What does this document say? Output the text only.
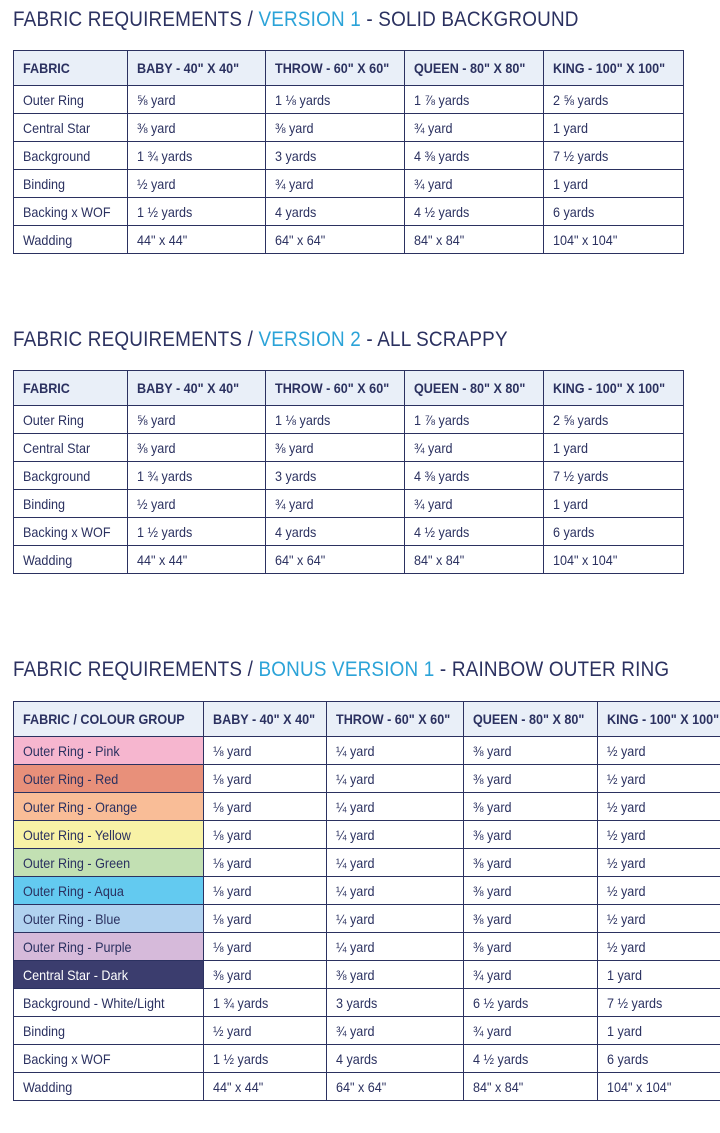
FABRIC REQUIREMENTS / VERSION 1 - SOLID BACKGROUND
FABRIC	BABY - 40" X 40"	THROW - 60" X 60"	QUEEN - 80" X 80"	KING - 100" X 100"
Outer Ring	⅝ yard	1 ⅛ yards	1 ⅞ yards	2 ⅝ yards
Central Star	⅜ yard	⅜ yard	¾ yard	1 yard
Background	1 ¾ yards	3 yards	4 ⅜ yards	7 ½ yards
Binding	½ yard	¾ yard	¾ yard	1 yard
Backing x WOF	1 ½ yards	4 yards	4 ½ yards	6 yards
Wadding	44" x 44"	64" x 64"	84" x 84"	104" x 104"
FABRIC REQUIREMENTS / VERSION 2 - ALL SCRAPPY
FABRIC	BABY - 40" X 40"	THROW - 60" X 60"	QUEEN - 80" X 80"	KING - 100" X 100"
Outer Ring	⅝ yard	1 ⅛ yards	1 ⅞ yards	2 ⅝ yards
Central Star	⅜ yard	⅜ yard	¾ yard	1 yard
Background	1 ¾ yards	3 yards	4 ⅜ yards	7 ½ yards
Binding	½ yard	¾ yard	¾ yard	1 yard
Backing x WOF	1 ½ yards	4 yards	4 ½ yards	6 yards
Wadding	44" x 44"	64" x 64"	84" x 84"	104" x 104"
FABRIC REQUIREMENTS / BONUS VERSION 1 - RAINBOW OUTER RING
FABRIC / COLOUR GROUP	BABY - 40" X 40"	THROW - 60" X 60"	QUEEN - 80" X 80"	KING - 100" X 100"
Outer Ring - Pink	⅛ yard	¼ yard	⅜ yard	½ yard
Outer Ring - Red	⅛ yard	¼ yard	⅜ yard	½ yard
Outer Ring - Orange	⅛ yard	¼ yard	⅜ yard	½ yard
Outer Ring - Yellow	⅛ yard	¼ yard	⅜ yard	½ yard
Outer Ring - Green	⅛ yard	¼ yard	⅜ yard	½ yard
Outer Ring - Aqua	⅛ yard	¼ yard	⅜ yard	½ yard
Outer Ring - Blue	⅛ yard	¼ yard	⅜ yard	½ yard
Outer Ring - Purple	⅛ yard	¼ yard	⅜ yard	½ yard
Central Star - Dark	⅜ yard	⅜ yard	¾ yard	1 yard
Background - White/Light	1 ¾ yards	3 yards	6 ½ yards	7 ½ yards
Binding	½ yard	¾ yard	¾ yard	1 yard
Backing x WOF	1 ½ yards	4 yards	4 ½ yards	6 yards
Wadding	44" x 44"	64" x 64"	84" x 84"	104" x 104"
